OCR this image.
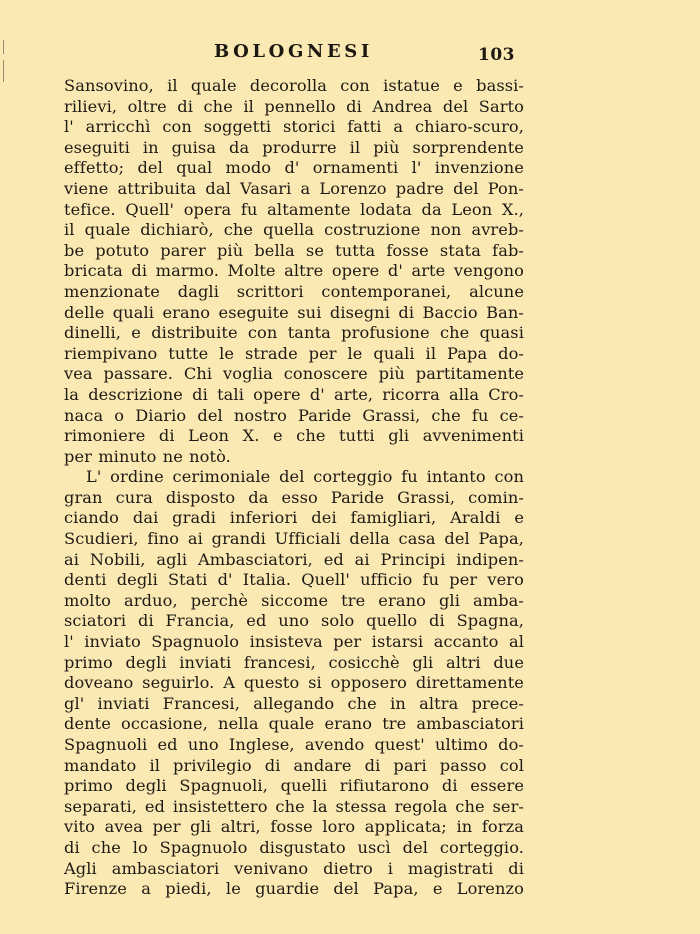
BOLOGNESI	103
Sansovino, il quale decorolla con istatue e bassi-
rilievi, oltre di che il pennello di Andrea del Sarto
l' arricchì con soggetti storici fatti a chiaro-scuro,
eseguiti in guisa da produrre il più sorprendente
effetto; del qual modo d' ornamenti l' invenzione
viene attribuita dal Vasari a Lorenzo padre del Pon-
tefice. Quell' opera fu altamente lodata da Leon X.,
il quale dichiarò, che quella costruzione non avreb-
be potuto parer più bella se tutta fosse stata fab-
bricata di marmo. Molte altre opere d' arte vengono
menzionate dagli scrittori contemporanei, alcune
delle quali erano eseguite sui disegni di Baccio Ban-
dinelli, e distribuite con tanta profusione che quasi
riempivano tutte le strade per le quali il Papa do-
vea passare. Chi voglia conoscere più partitamente
la descrizione di tali opere d' arte, ricorra alla Cro-
naca o Diario del nostro Paride Grassi, che fu ce-
rimoniere di Leon X. e che tutti gli avvenimenti
per minuto ne notò.
L' ordine cerimoniale del corteggio fu intanto con
gran cura disposto da esso Paride Grassi, comin-
ciando dai gradi inferiori dei famigliari, Araldi e
Scudieri, fino ai grandi Ufficiali della casa del Papa,
ai Nobili, agli Ambasciatori, ed ai Principi indipen-
denti degli Stati d' Italia. Quell' ufficio fu per vero
molto arduo, perchè siccome tre erano gli amba-
sciatori di Francia, ed uno solo quello di Spagna,
l' inviato Spagnuolo insisteva per istarsi accanto al
primo degli inviati francesi, cosicchè gli altri due
doveano seguirlo. A questo si opposero direttamente
gl' inviati Francesi, allegando che in altra prece-
dente occasione, nella quale erano tre ambasciatori
Spagnuoli ed uno Inglese, avendo quest' ultimo do-
mandato il privilegio di andare di pari passo col
primo degli Spagnuoli, quelli rifiutarono di essere
separati, ed insistettero che la stessa regola che ser-
vito avea per gli altri, fosse loro applicata; in forza
di che lo Spagnuolo disgustato uscì del corteggio.
Agli ambasciatori venivano dietro i magistrati di
Firenze a piedi, le guardie del Papa, e Lorenzo
